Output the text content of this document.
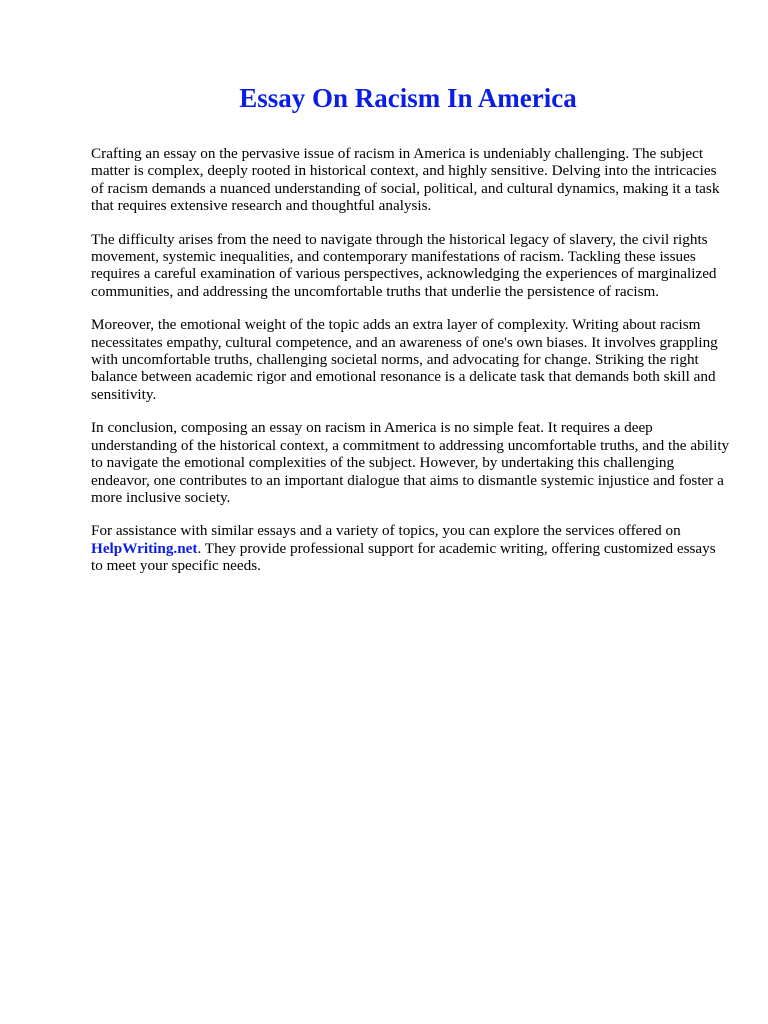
Essay On Racism In America

Crafting an essay on the pervasive issue of racism in America is undeniably challenging. The subject matter is complex, deeply rooted in historical context, and highly sensitive. Delving into the intricacies of racism demands a nuanced understanding of social, political, and cultural dynamics, making it a task that requires extensive research and thoughtful analysis.

The difficulty arises from the need to navigate through the historical legacy of slavery, the civil rights movement, systemic inequalities, and contemporary manifestations of racism. Tackling these issues requires a careful examination of various perspectives, acknowledging the experiences of marginalized communities, and addressing the uncomfortable truths that underlie the persistence of racism.

Moreover, the emotional weight of the topic adds an extra layer of complexity. Writing about racism necessitates empathy, cultural competence, and an awareness of one's own biases. It involves grappling with uncomfortable truths, challenging societal norms, and advocating for change. Striking the right balance between academic rigor and emotional resonance is a delicate task that demands both skill and sensitivity.

In conclusion, composing an essay on racism in America is no simple feat. It requires a deep understanding of the historical context, a commitment to addressing uncomfortable truths, and the ability to navigate the emotional complexities of the subject. However, by undertaking this challenging endeavor, one contributes to an important dialogue that aims to dismantle systemic injustice and foster a more inclusive society.

For assistance with similar essays and a variety of topics, you can explore the services offered on HelpWriting.net. They provide professional support for academic writing, offering customized essays to meet your specific needs.
